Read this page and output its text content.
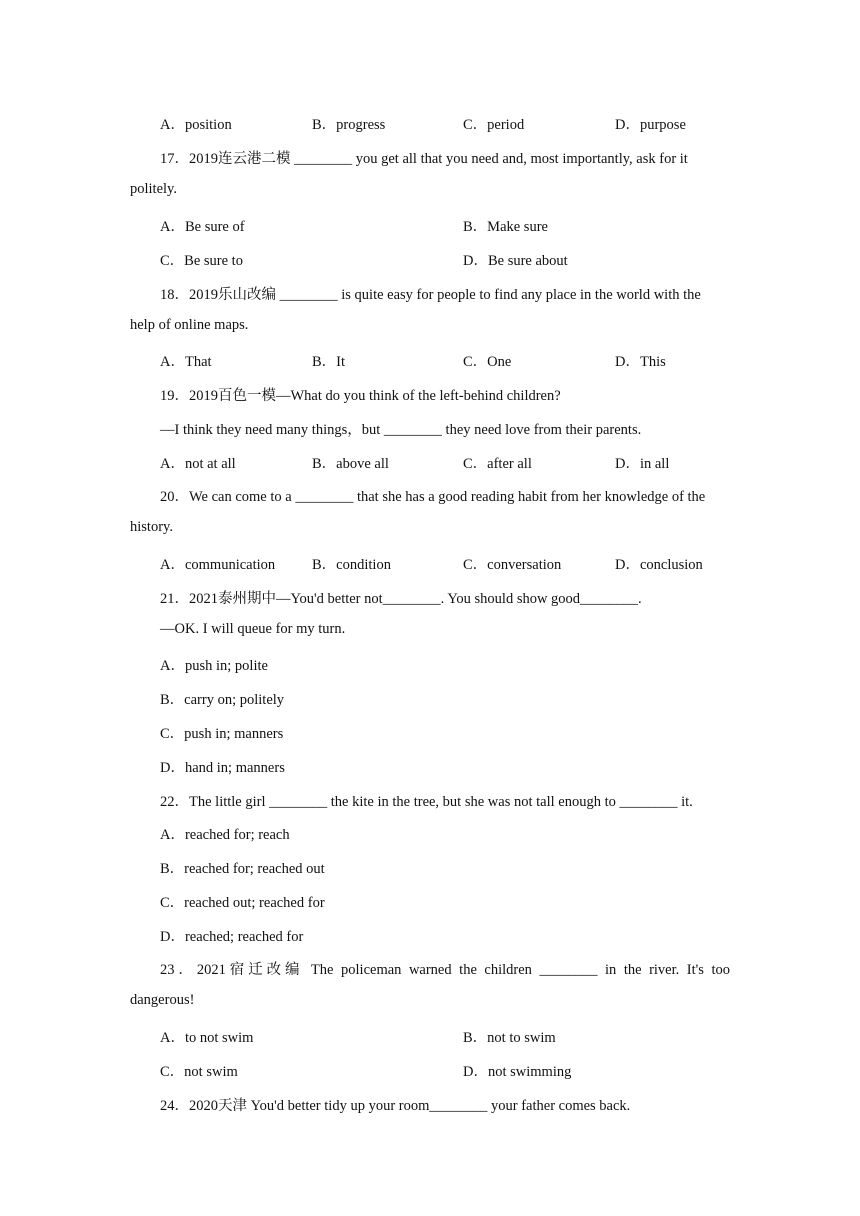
A．position	B．progress	C．period	D．purpose
17．2019连云港二模 ________ you get all that you need and, most importantly, ask for it
politely.
A．Be sure of	B．Make sure
C．Be sure to	D．Be sure about
18．2019乐山改编 ________ is quite easy for people to find any place in the world with the
help of online maps.
A．That	B．It	C．One	D．This
19．2019百色一模—What do you think of the left-behind children?
—I think they need many things，but ________ they need love from their parents.
A．not at all	B．above all	C．after all	D．in all
20．We can come to a ________ that she has a good reading habit from her knowledge of the
history.
A．communication	B．condition	C．conversation	D．conclusion
21．2021泰州期中—You'd better not________. You should show good________.
—OK. I will queue for my turn.
A．push in; polite
B．carry on; politely
C．push in; manners
D．hand in; manners
22．The little girl ________ the kite in the tree, but she was not tall enough to ________ it.
A．reached for; reach
B．reached for; reached out
C．reached out; reached for
D．reached; reached for
23．2021宿迁改编 The policeman warned the children ________ in the river. It's too
dangerous!
A．to not swim	B．not to swim
C．not swim	D．not swimming
24．2020天津 You'd better tidy up your room________ your father comes back.
